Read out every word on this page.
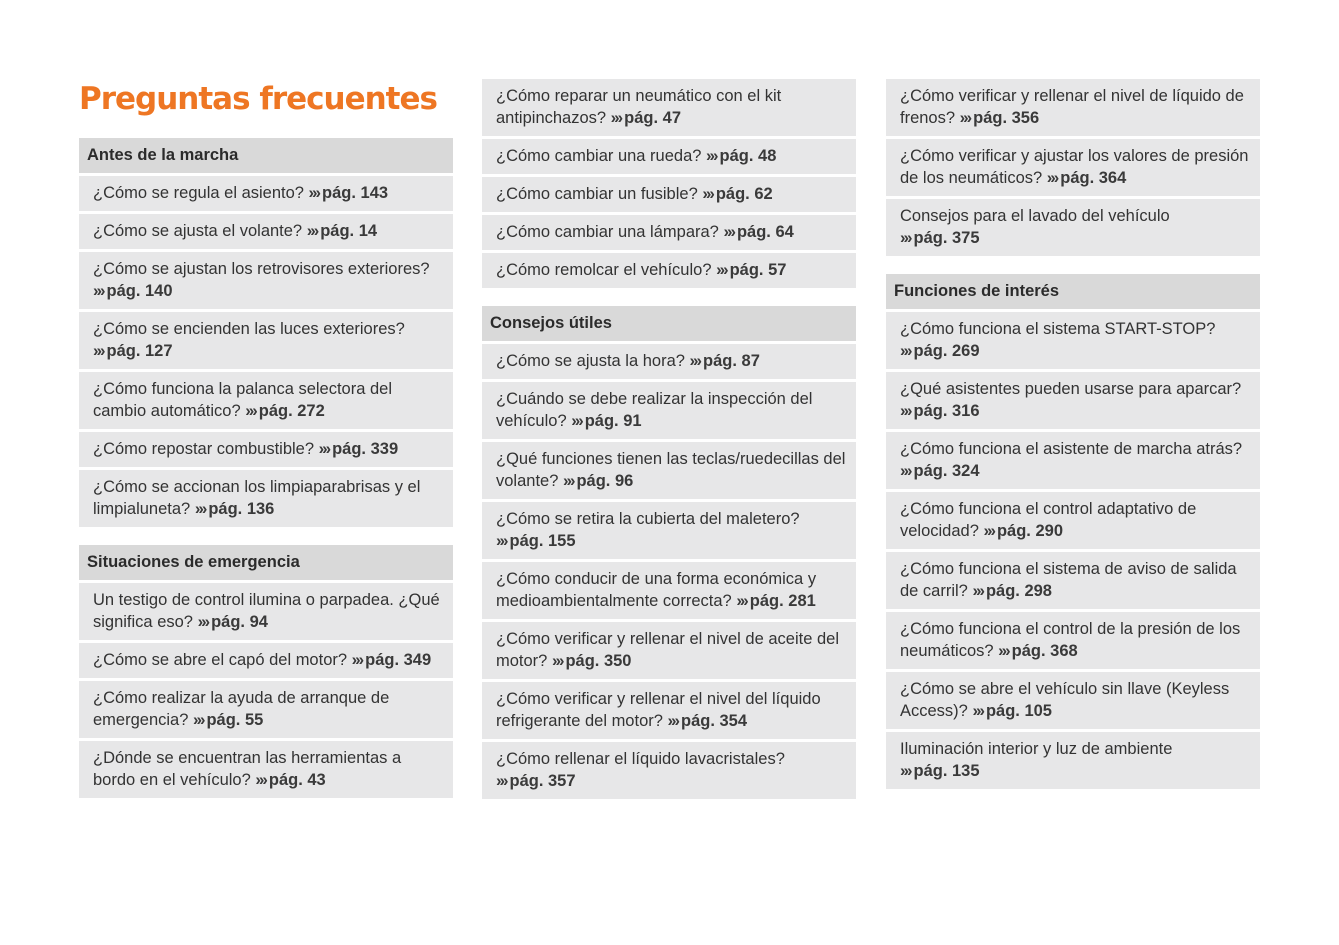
Preguntas frecuentes
Antes de la marcha
¿Cómo se regula el asiento? ››› pág. 143
¿Cómo se ajusta el volante? ››› pág. 14
¿Cómo se ajustan los retrovisores exteriores? ››› pág. 140
¿Cómo se encienden las luces exteriores? ››› pág. 127
¿Cómo funciona la palanca selectora del cambio automático? ››› pág. 272
¿Cómo repostar combustible? ››› pág. 339
¿Cómo se accionan los limpiaparabrisas y el limpialuneta? ››› pág. 136
Situaciones de emergencia
Un testigo de control ilumina o parpadea. ¿Qué significa eso? ››› pág. 94
¿Cómo se abre el capó del motor? ››› pág. 349
¿Cómo realizar la ayuda de arranque de emergencia? ››› pág. 55
¿Dónde se encuentran las herramientas a bordo en el vehículo? ››› pág. 43
¿Cómo reparar un neumático con el kit antipinchazos? ››› pág. 47
¿Cómo cambiar una rueda? ››› pág. 48
¿Cómo cambiar un fusible? ››› pág. 62
¿Cómo cambiar una lámpara? ››› pág. 64
¿Cómo remolcar el vehículo? ››› pág. 57
Consejos útiles
¿Cómo se ajusta la hora? ››› pág. 87
¿Cuándo se debe realizar la inspección del vehículo? ››› pág. 91
¿Qué funciones tienen las teclas/ruedecillas del volante? ››› pág. 96
¿Cómo se retira la cubierta del maletero? ››› pág. 155
¿Cómo conducir de una forma económica y medioambientalmente correcta? ››› pág. 281
¿Cómo verificar y rellenar el nivel de aceite del motor? ››› pág. 350
¿Cómo verificar y rellenar el nivel del líquido refrigerante del motor? ››› pág. 354
¿Cómo rellenar el líquido lavacristales? ››› pág. 357
¿Cómo verificar y rellenar el nivel de líquido de frenos? ››› pág. 356
¿Cómo verificar y ajustar los valores de presión de los neumáticos? ››› pág. 364
Consejos para el lavado del vehículo ››› pág. 375
Funciones de interés
¿Cómo funciona el sistema START-STOP? ››› pág. 269
¿Qué asistentes pueden usarse para aparcar? ››› pág. 316
¿Cómo funciona el asistente de marcha atrás? ››› pág. 324
¿Cómo funciona el control adaptativo de velocidad? ››› pág. 290
¿Cómo funciona el sistema de aviso de salida de carril? ››› pág. 298
¿Cómo funciona el control de la presión de los neumáticos? ››› pág. 368
¿Cómo se abre el vehículo sin llave (Keyless Access)? ››› pág. 105
Iluminación interior y luz de ambiente ››› pág. 135
